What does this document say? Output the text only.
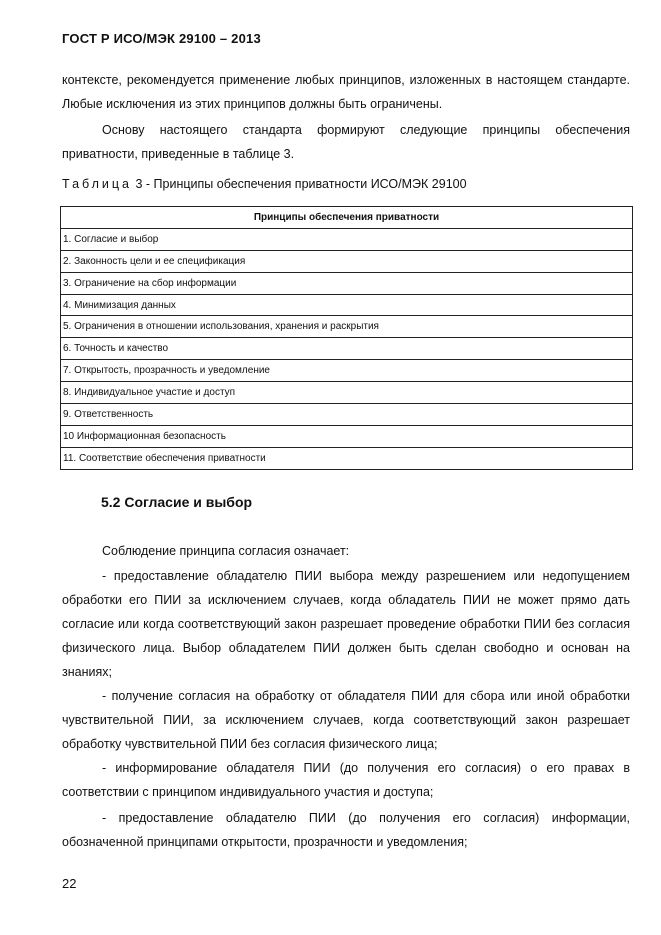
ГОСТ Р ИСО/МЭК 29100 – 2013
контексте, рекомендуется применение любых принципов, изложенных в настоящем стандарте. Любые исключения из этих принципов должны быть ограничены.
Основу настоящего стандарта формируют следующие принципы обеспечения приватности, приведенные в таблице 3.
Таблица 3 - Принципы обеспечения приватности ИСО/МЭК 29100
Принципы обеспечения приватности
1. Согласие и выбор
2. Законность цели и ее спецификация
3. Ограничение на сбор информации
4. Минимизация данных
5. Ограничения в отношении использования, хранения и раскрытия
6. Точность и качество
7. Открытость, прозрачность и уведомление
8. Индивидуальное участие и доступ
9. Ответственность
10 Информационная безопасность
11. Соответствие обеспечения приватности
5.2 Согласие и выбор
Соблюдение принципа согласия означает:
- предоставление обладателю ПИИ выбора между разрешением или недопущением обработки его ПИИ за исключением случаев, когда обладатель ПИИ не может прямо дать согласие или когда соответствующий закон разрешает проведение обработки ПИИ без согласия физического лица. Выбор обладателем ПИИ должен быть сделан свободно и основан на знаниях;
- получение согласия на обработку от обладателя ПИИ для сбора или иной обработки чувствительной ПИИ, за исключением случаев, когда соответствующий закон разрешает обработку чувствительной ПИИ без согласия физического лица;
- информирование обладателя ПИИ (до получения его согласия) о его правах в соответствии с принципом индивидуального участия и доступа;
- предоставление обладателю ПИИ (до получения его согласия) информации, обозначенной принципами открытости, прозрачности и уведомления;
22
